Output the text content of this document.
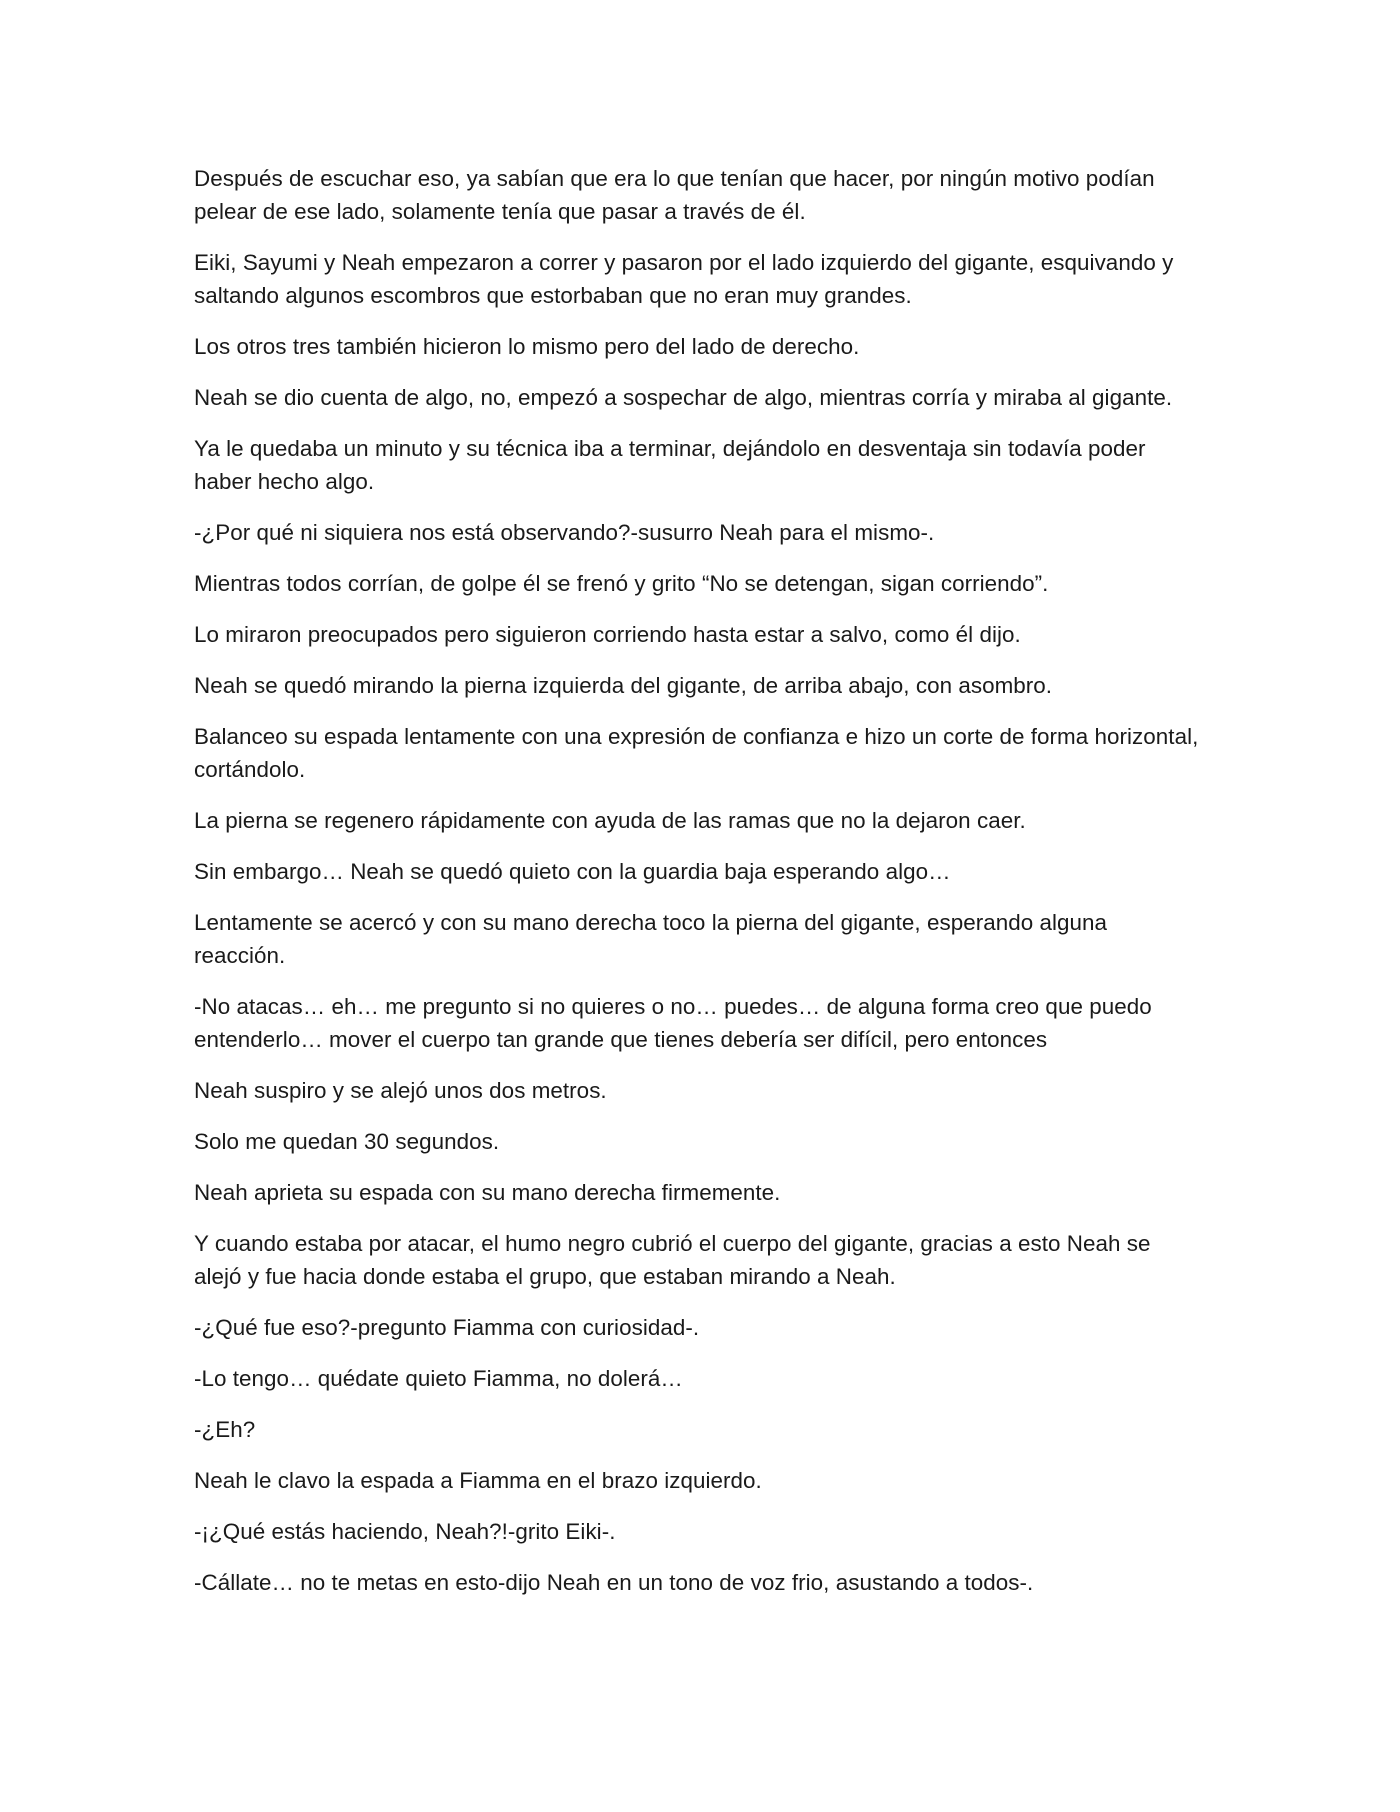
Después de escuchar eso, ya sabían que era lo que tenían que hacer, por ningún motivo podían pelear de ese lado, solamente tenía que pasar a través de él.

Eiki, Sayumi y Neah empezaron a correr y pasaron por el lado izquierdo del gigante, esquivando y saltando algunos escombros que estorbaban que no eran muy grandes.

Los otros tres también hicieron lo mismo pero del lado de derecho.

Neah se dio cuenta de algo, no, empezó a sospechar de algo, mientras corría y miraba al gigante.

Ya le quedaba un minuto y su técnica iba a terminar, dejándolo en desventaja sin todavía poder haber hecho algo.

-¿Por qué ni siquiera nos está observando?-susurro Neah para el mismo-.

Mientras todos corrían, de golpe él se frenó y grito “No se detengan, sigan corriendo”.

Lo miraron preocupados pero siguieron corriendo hasta estar a salvo, como él dijo.

Neah se quedó mirando la pierna izquierda del gigante, de arriba abajo, con asombro.

Balanceo su espada lentamente con una expresión de confianza e hizo un corte de forma horizontal, cortándolo.

La pierna se regenero rápidamente con ayuda de las ramas que no la dejaron caer.

Sin embargo… Neah se quedó quieto con la guardia baja esperando algo…

Lentamente se acercó y con su mano derecha toco la pierna del gigante, esperando alguna reacción.

-No atacas… eh… me pregunto si no quieres o no… puedes… de alguna forma creo que puedo entenderlo… mover el cuerpo tan grande que tienes debería ser difícil, pero entonces

Neah suspiro y se alejó unos dos metros.

Solo me quedan 30 segundos.

Neah aprieta su espada con su mano derecha firmemente.

Y cuando estaba por atacar, el humo negro cubrió el cuerpo del gigante, gracias a esto Neah se alejó y fue hacia donde estaba el grupo, que estaban mirando a Neah.

-¿Qué fue eso?-pregunto Fiamma con curiosidad-.

-Lo tengo… quédate quieto Fiamma, no dolerá…

-¿Eh?

Neah le clavo la espada a Fiamma en el brazo izquierdo.

-¡¿Qué estás haciendo, Neah?!-grito Eiki-.

-Cállate… no te metas en esto-dijo Neah en un tono de voz frio, asustando a todos-.
